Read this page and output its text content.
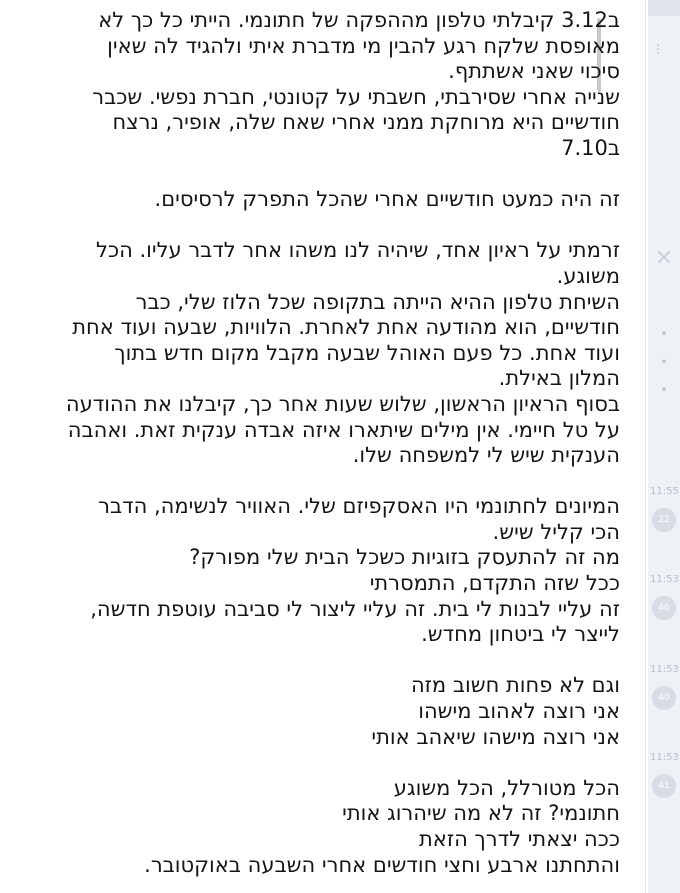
⋮
×
•
•
•
11:55
22
11:53
46
11:53
40
11:53
41
ב3.12 קיבלתי טלפון מההפקה של חתונמי. הייתי כל כך לא
מאופסת שלקח רגע להבין מי מדברת איתי ולהגיד לה שאין
סיכוי שאני אשתתף.
שנייה אחרי שסירבתי, חשבתי על קטונטי, חברת נפשי. שכבר
חודשיים היא מרוחקת ממני אחרי שאח שלה, אופיר, נרצח
ב7.10
זה היה כמעט חודשיים אחרי שהכל התפרק לרסיסים.
זרמתי על ראיון אחד, שיהיה לנו משהו אחר לדבר עליו. הכל
משוגע.
השיחת טלפון ההיא הייתה בתקופה שכל הלוז שלי, כבר
חודשיים, הוא מהודעה אחת לאחרת. הלוויות, שבעה ועוד אחת
ועוד אחת. כל פעם האוהל שבעה מקבל מקום חדש בתוך
המלון באילת.
בסוף הראיון הראשון, שלוש שעות אחר כך, קיבלנו את ההודעה
על טל חיימי. אין מילים שיתארו איזה אבדה ענקית זאת. ואהבה
הענקית שיש לי למשפחה שלו.
המיונים לחתונמי היו האסקפיזם שלי. האוויר לנשימה, הדבר
הכי קליל שיש.
מה זה להתעסק בזוגיות כשכל הבית שלי מפורק?
ככל שזה התקדם, התמסרתי
זה עליי לבנות לי בית. זה עליי ליצור לי סביבה עוטפת חדשה,
לייצר לי ביטחון מחדש.
וגם לא פחות חשוב מזה
אני רוצה לאהוב מישהו
אני רוצה מישהו שיאהב אותי
הכל מטורלל, הכל משוגע
חתונמי? זה לא מה שיהרוג אותי
ככה יצאתי לדרך הזאת
והתחתנו ארבע וחצי חודשים אחרי השבעה באוקטובר.
